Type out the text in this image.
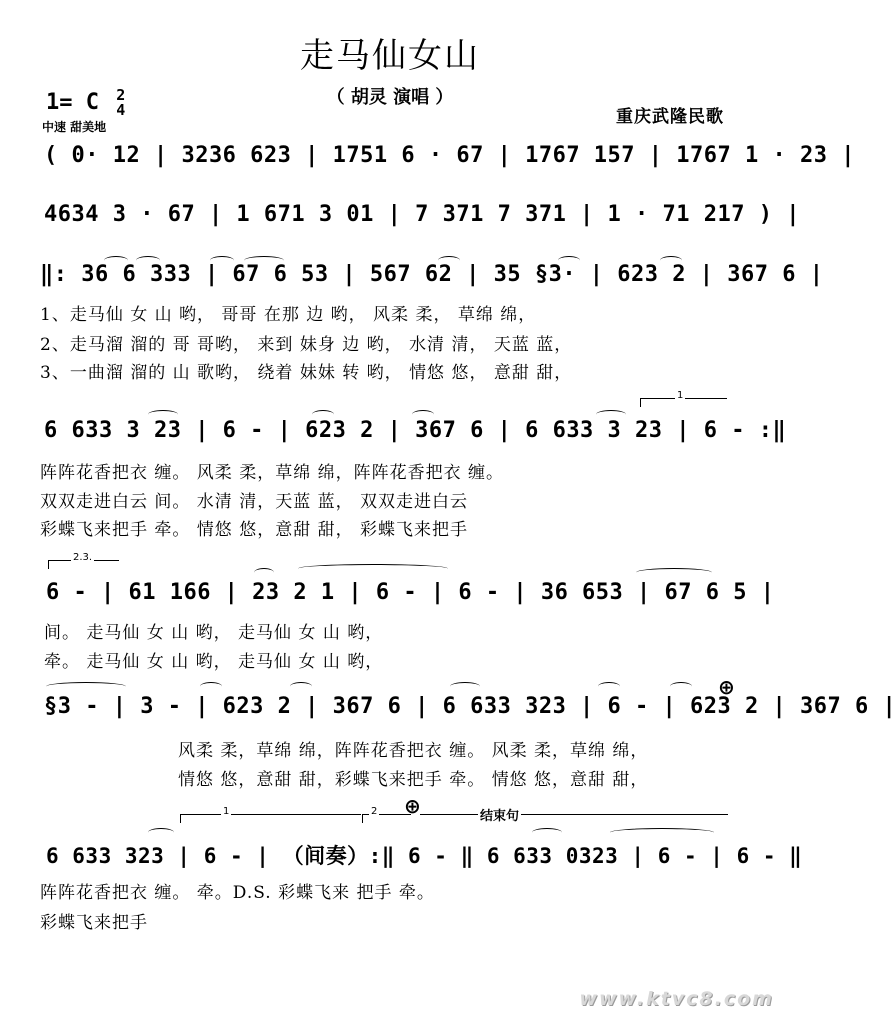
走马仙女山
（ 胡灵 演唱 ）
1= C 2
4
中速 甜美地	重庆武隆民歌
( 0· 12 | 3236 623 | 1751 6 · 67 | 1767 157 | 1767 1 · 23 |
4634 3 · 67 | 1 671 3 01 | 7 371 7 371 | 1 · 71 217 ) |
‖: 36 6 333 | 67 6 53 | 567 62 | 35 §3· | 623 2 | 367 6 |
1、走马仙 女 山 哟， 哥哥 在那 边 哟， 风柔 柔， 草绵 绵，
2、走马溜 溜的 哥 哥哟， 来到 妹身 边 哟， 水清 清， 天蓝 蓝，
3、一曲溜 溜的 山 歌哟， 绕着 妹妹 转 哟， 情悠 悠， 意甜 甜，
1
6 633 3 23 | 6 - | 623 2 | 367 6 | 6 633 3 23 | 6 - :‖
阵阵花香把衣 缠。 风柔 柔，草绵 绵，阵阵花香把衣 缠。
双双走进白云 间。 水清 清，天蓝 蓝， 双双走进白云
彩蝶飞来把手 牵。 情悠 悠，意甜 甜， 彩蝶飞来把手
2.3.
6 - | 61 166 | 23 2 1 | 6 - | 6 - | 36 653 | 67 6 5 |
间。 走马仙 女 山 哟， 走马仙 女 山 哟，
牵。 走马仙 女 山 哟， 走马仙 女 山 哟，
⊕
§3 - | 3 - | 623 2 | 367 6 | 6 633 323 | 6 - | 623 2 | 367 6 |
风柔 柔，草绵 绵，阵阵花香把衣 缠。 风柔 柔，草绵 绵，
情悠 悠，意甜 甜，彩蝶飞来把手 牵。 情悠 悠，意甜 甜，
⊕
1	2	结束句
6 633 323 | 6 - | （间奏）:‖ 6 - ‖ 6 633 0323 | 6 - | 6 - ‖
阵阵花香把衣 缠。 牵。D.S. 彩蝶飞来 把手 牵。
彩蝶飞来把手
www.ktvc8.com
